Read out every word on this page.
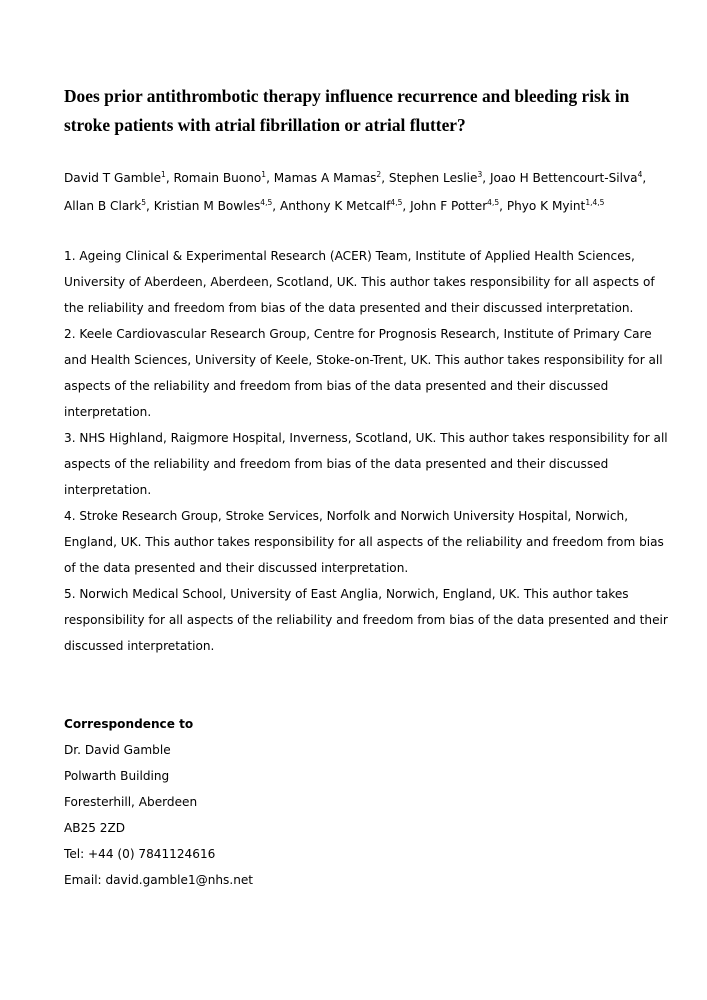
Does prior antithrombotic therapy influence recurrence and bleeding risk in
stroke patients with atrial fibrillation or atrial flutter?
David T Gamble$^1$, Romain Buono$^1$, Mamas A Mamas$^2$, Stephen Leslie$^3$, Joao H Bettencourt-Silva$^4$,
Allan B Clark$^5$, Kristian M Bowles$^{4,5}$, Anthony K Metcalf$^{4,5}$, John F Potter$^{4,5}$, Phyo K Myint$^{1,4,5}$
1. Ageing Clinical & Experimental Research (ACER) Team, Institute of Applied Health Sciences,
University of Aberdeen, Aberdeen, Scotland, UK. This author takes responsibility for all aspects of
the reliability and freedom from bias of the data presented and their discussed interpretation.
2. Keele Cardiovascular Research Group, Centre for Prognosis Research, Institute of Primary Care
and Health Sciences, University of Keele, Stoke-on-Trent, UK. This author takes responsibility for all
aspects of the reliability and freedom from bias of the data presented and their discussed
interpretation.
3. NHS Highland, Raigmore Hospital, Inverness, Scotland, UK. This author takes responsibility for all
aspects of the reliability and freedom from bias of the data presented and their discussed
interpretation.
4. Stroke Research Group, Stroke Services, Norfolk and Norwich University Hospital, Norwich,
England, UK. This author takes responsibility for all aspects of the reliability and freedom from bias
of the data presented and their discussed interpretation.
5. Norwich Medical School, University of East Anglia, Norwich, England, UK. This author takes
responsibility for all aspects of the reliability and freedom from bias of the data presented and their
discussed interpretation.
Correspondence to
Dr. David Gamble
Polwarth Building
Foresterhill, Aberdeen
AB25 2ZD
Tel: +44 (0) 7841124616
Email: david.gamble1@nhs.net
